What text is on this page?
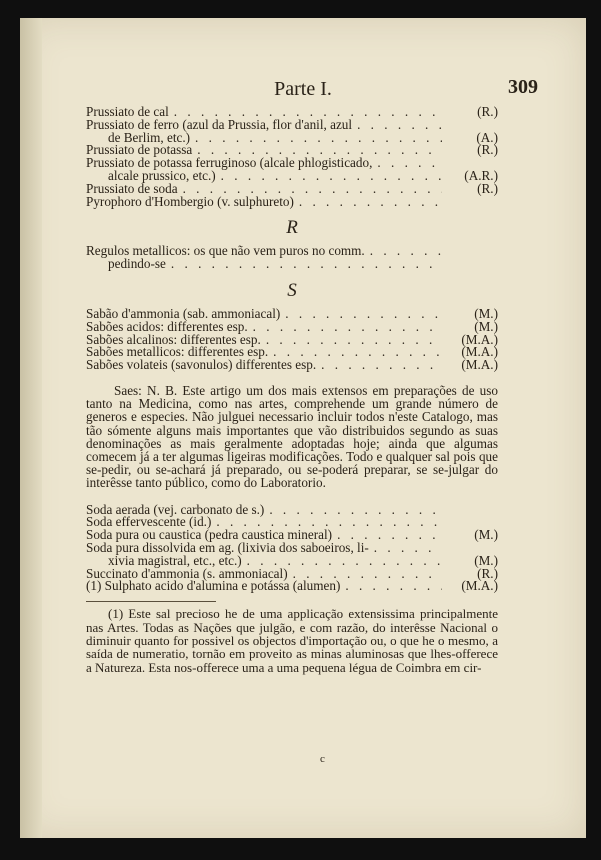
Parte I.	309
Prussiato de cal . . .	(R.)
Prussiato de ferro (azul da Prussia, flor d'anil, azul
. . .
de Berlim, etc.) . . .	(A.)
Prussiato de potassa . . .	(R.)
Prussiato de potassa ferruginoso (alcale phlogisticado,
. . .
alcale prussico, etc.) . . .	(A.R.)
Prussiato de soda . . .	(R.)
Pyrophoro d'Hombergio (v. sulphureto)
. . .
R
Regulos metallicos: os que não vem puros no comm.
. . .
pedindo-se
. . .
S
Sabão d'ammonia (sab. ammoniacal) . . .	(M.)
Sabões acidos: differentes esp. . . .	(M.)
Sabões alcalinos: differentes esp. . . .	(M.A.)
Sabões metallicos: differentes esp. . . .	(M.A.)
Sabões volateis (savonulos) differentes esp. . . .	(M.A.)
Saes: N. B. Este artigo um dos mais extensos em preparações de uso tanto na Medicina, como nas artes, comprehende um grande número de generos e especies. Não julguei necessario incluir todos n'este Catalogo, mas tão sómente alguns mais importantes que vão distribuidos segundo as suas denominações as mais geralmente adoptadas hoje; ainda que algumas comecem já a ter algumas ligeiras modificações. Todo e qualquer sal pois que se-pedir, ou se-achará já preparado, ou se-poderá preparar, se se-julgar do interêsse tanto público, como do Laboratorio.
Soda aerada (vej. carbonato de s.)
. . .
Soda effervescente (id.)
. . .
Soda pura ou caustica (pedra caustica mineral) . . .	(M.)
Soda pura dissolvida em ag. (lixivia dos saboeiros, li-
. . .
xivia magistral, etc., etc.) . . .	(M.)
Succinato d'ammonia (s. ammoniacal) . . .	(R.)
(1) Sulphato acido d'alumina e potássa (alumen) . . .	(M.A.)
(1) Este sal precioso he de uma applicação extensissima principalmente nas Artes. Todas as Nações que julgão, e com razão, do interêsse Nacional o diminuir quanto for possivel os objectos d'importação ou, o que he o mesmo, a saída de numeratio, tornão em proveito as minas aluminosas que lhes-offerece a Natureza. Esta nos-offerece uma a uma pequena légua de Coimbra em cir-
c
